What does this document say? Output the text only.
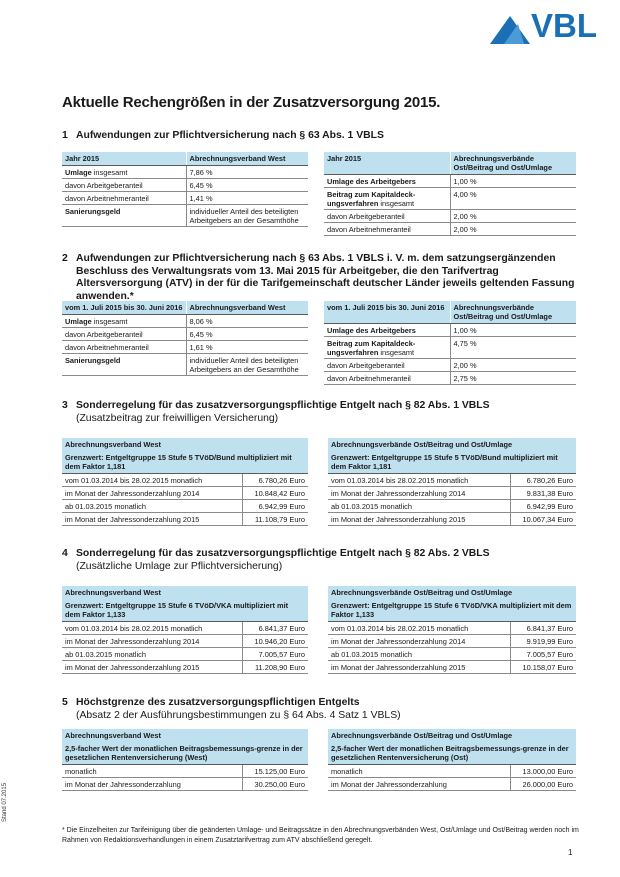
VBL
Aktuelle Rechengrößen in der Zusatzversorgung 2015.
1 Aufwendungen zur Pflichtversicherung nach § 63 Abs. 1 VBLS
Jahr 2015	Abrechnungsverband West
Umlage insgesamt	7,86 %
davon Arbeitgeberanteil	6,45 %
davon Arbeitnehmeranteil	1,41 %
Sanierungsgeld	individueller Anteil des beteiligten Arbeitgebers an der Gesamthöhe
Jahr 2015	Abrechnungsverbände Ost/Beitrag und Ost/Umlage
Umlage des Arbeitgebers	1,00 %
Beitrag zum Kapitaldeck-ungsverfahren insgesamt	4,00 %
davon Arbeitgeberanteil	2,00 %
davon Arbeitnehmeranteil	2,00 %
2 Aufwendungen zur Pflichtversicherung nach § 63 Abs. 1 VBLS i. V. m. dem satzungsergänzenden Beschluss des Verwaltungsrats vom 13. Mai 2015 für Arbeitgeber, die den Tarifvertrag Altersversorgung (ATV) in der für die Tarifgemeinschaft deutscher Länder jeweils geltenden Fassung anwenden.*
vom 1. Juli 2015 bis 30. Juni 2016	Abrechnungsverband West
Umlage insgesamt	8,06 %
davon Arbeitgeberanteil	6,45 %
davon Arbeitnehmeranteil	1,61 %
Sanierungsgeld	individueller Anteil des beteiligten Arbeitgebers an der Gesamthöhe
vom 1. Juli 2015 bis 30. Juni 2016	Abrechnungsverbände Ost/Beitrag und Ost/Umlage
Umlage des Arbeitgebers	1,00 %
Beitrag zum Kapitaldeck-ungsverfahren insgesamt	4,75 %
davon Arbeitgeberanteil	2,00 %
davon Arbeitnehmeranteil	2,75 %
3 Sonderregelung für das zusatzversorgungspflichtige Entgelt nach § 82 Abs. 1 VBLS
(Zusatzbeitrag zur freiwilligen Versicherung)
Abrechnungsverband West	
Grenzwert: Entgeltgruppe 15 Stufe 5 TVöD/Bund multipliziert mit dem Faktor 1,181	
vom 01.03.2014 bis 28.02.2015 monatlich	6.780,26 Euro
im Monat der Jahressonderzahlung 2014	10.848,42 Euro
ab 01.03.2015 monatlich	6.942,99 Euro
im Monat der Jahressonderzahlung 2015	11.108,79 Euro
Abrechnungsverbände Ost/Beitrag und Ost/Umlage	
Grenzwert: Entgeltgruppe 15 Stufe 5 TVöD/Bund multipliziert mit dem Faktor 1,181	
vom 01.03.2014 bis 28.02.2015 monatlich	6.780,26 Euro
im Monat der Jahressonderzahlung 2014	9.831,38 Euro
ab 01.03.2015 monatlich	6.942,99 Euro
im Monat der Jahressonderzahlung 2015	10.067,34 Euro
4 Sonderregelung für das zusatzversorgungspflichtige Entgelt nach § 82 Abs. 2 VBLS
(Zusätzliche Umlage zur Pflichtversicherung)
Abrechnungsverband West	
Grenzwert: Entgeltgruppe 15 Stufe 6 TVöD/VKA multipliziert mit dem Faktor 1,133	
vom 01.03.2014 bis 28.02.2015 monatlich	6.841,37 Euro
im Monat der Jahressonderzahlung 2014	10.946,20 Euro
ab 01.03.2015 monatlich	7.005,57 Euro
im Monat der Jahressonderzahlung 2015	11.208,90 Euro
Abrechnungsverbände Ost/Beitrag und Ost/Umlage	
Grenzwert: Entgeltgruppe 15 Stufe 6 TVöD/VKA multipliziert mit dem Faktor 1,133	
vom 01.03.2014 bis 28.02.2015 monatlich	6.841,37 Euro
im Monat der Jahressonderzahlung 2014	9.919,99 Euro
ab 01.03.2015 monatlich	7.005,57 Euro
im Monat der Jahressonderzahlung 2015	10.158,07 Euro
5 Höchstgrenze des zusatzversorgungspflichtigen Entgelts
(Absatz 2 der Ausführungsbestimmungen zu § 64 Abs. 4 Satz 1 VBLS)
Abrechnungsverband West	
2,5-facher Wert der monatlichen Beitragsbemessungs-grenze in der gesetzlichen Rentenversicherung (West)	
monatlich	15.125,00 Euro
im Monat der Jahressonderzahlung	30.250,00 Euro
Abrechnungsverbände Ost/Beitrag und Ost/Umlage	
2,5-facher Wert der monatlichen Beitragsbemessungs-grenze in der gesetzlichen Rentenversicherung (Ost)	
monatlich	13.000,00 Euro
im Monat der Jahressonderzahlung	26.000,00 Euro
* Die Einzelheiten zur Tarifeinigung über die geänderten Umlage- und Beitragssätze in den Abrechnungsverbänden West, Ost/Umlage und Ost/Beitrag werden noch im Rahmen von Redaktionsverhandlungen in einem Zusatztarifvertrag zum ATV abschließend geregelt.
1
Stand 07.2015
